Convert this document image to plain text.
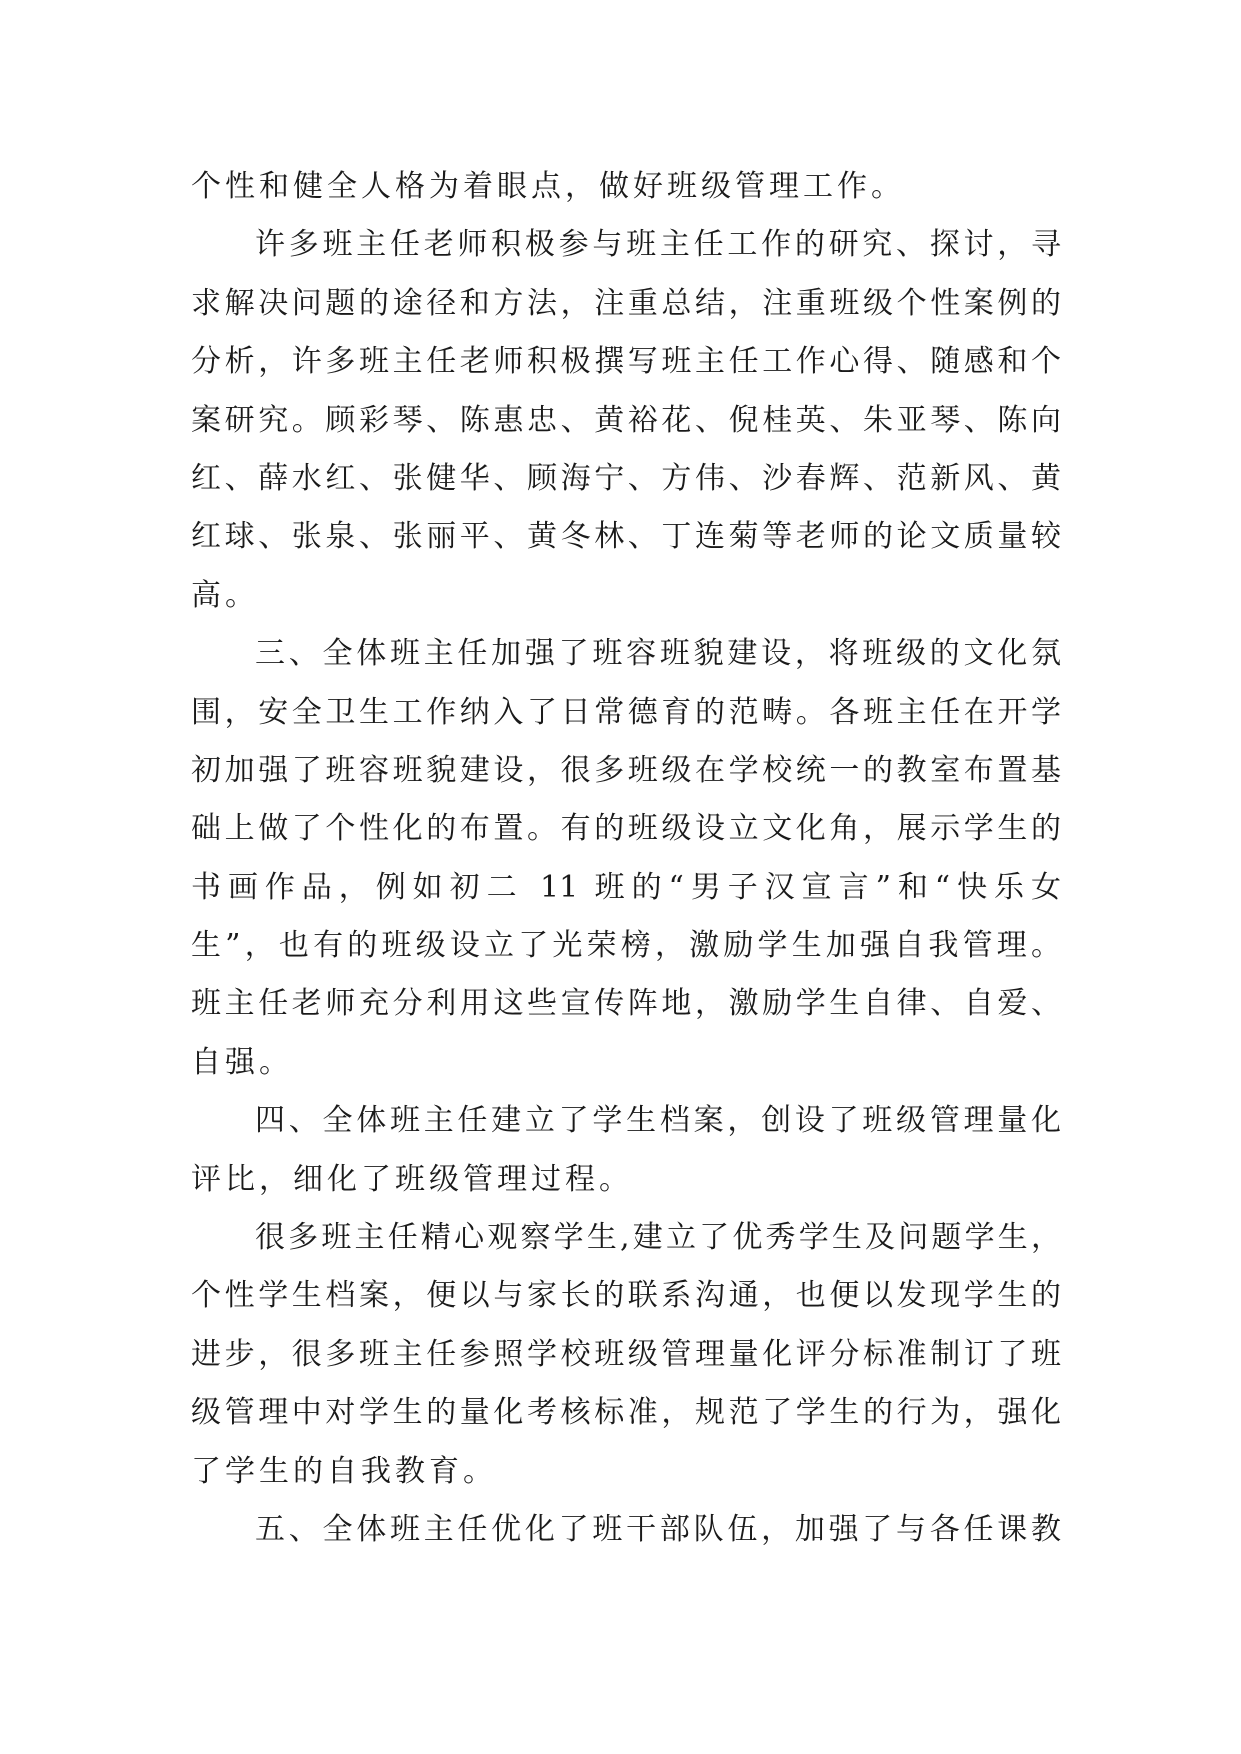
个性和健全人格为着眼点，做好班级管理工作。
许多班主任老师积极参与班主任工作的研究、探讨，寻
求解决问题的途径和方法，注重总结，注重班级个性案例的
分析，许多班主任老师积极撰写班主任工作心得、随感和个
案研究。顾彩琴、陈惠忠、黄裕花、倪桂英、朱亚琴、陈向
红、薛水红、张健华、顾海宁、方伟、沙春辉、范新风、黄
红球、张泉、张丽平、黄冬林、丁连菊等老师的论文质量较
高。
三、全体班主任加强了班容班貌建设，将班级的文化氛
围，安全卫生工作纳入了日常德育的范畴。各班主任在开学
初加强了班容班貌建设，很多班级在学校统一的教室布置基
础上做了个性化的布置。有的班级设立文化角，展示学生的
书画作品，例如初二 11 班的“男子汉宣言”和“快乐女
生”，也有的班级设立了光荣榜，激励学生加强自我管理。
班主任老师充分利用这些宣传阵地，激励学生自律、自爱、
自强。
四、全体班主任建立了学生档案，创设了班级管理量化
评比，细化了班级管理过程。
很多班主任精心观察学生,建立了优秀学生及问题学生，
个性学生档案，便以与家长的联系沟通，也便以发现学生的
进步，很多班主任参照学校班级管理量化评分标准制订了班
级管理中对学生的量化考核标准，规范了学生的行为，强化
了学生的自我教育。
五、全体班主任优化了班干部队伍，加强了与各任课教
